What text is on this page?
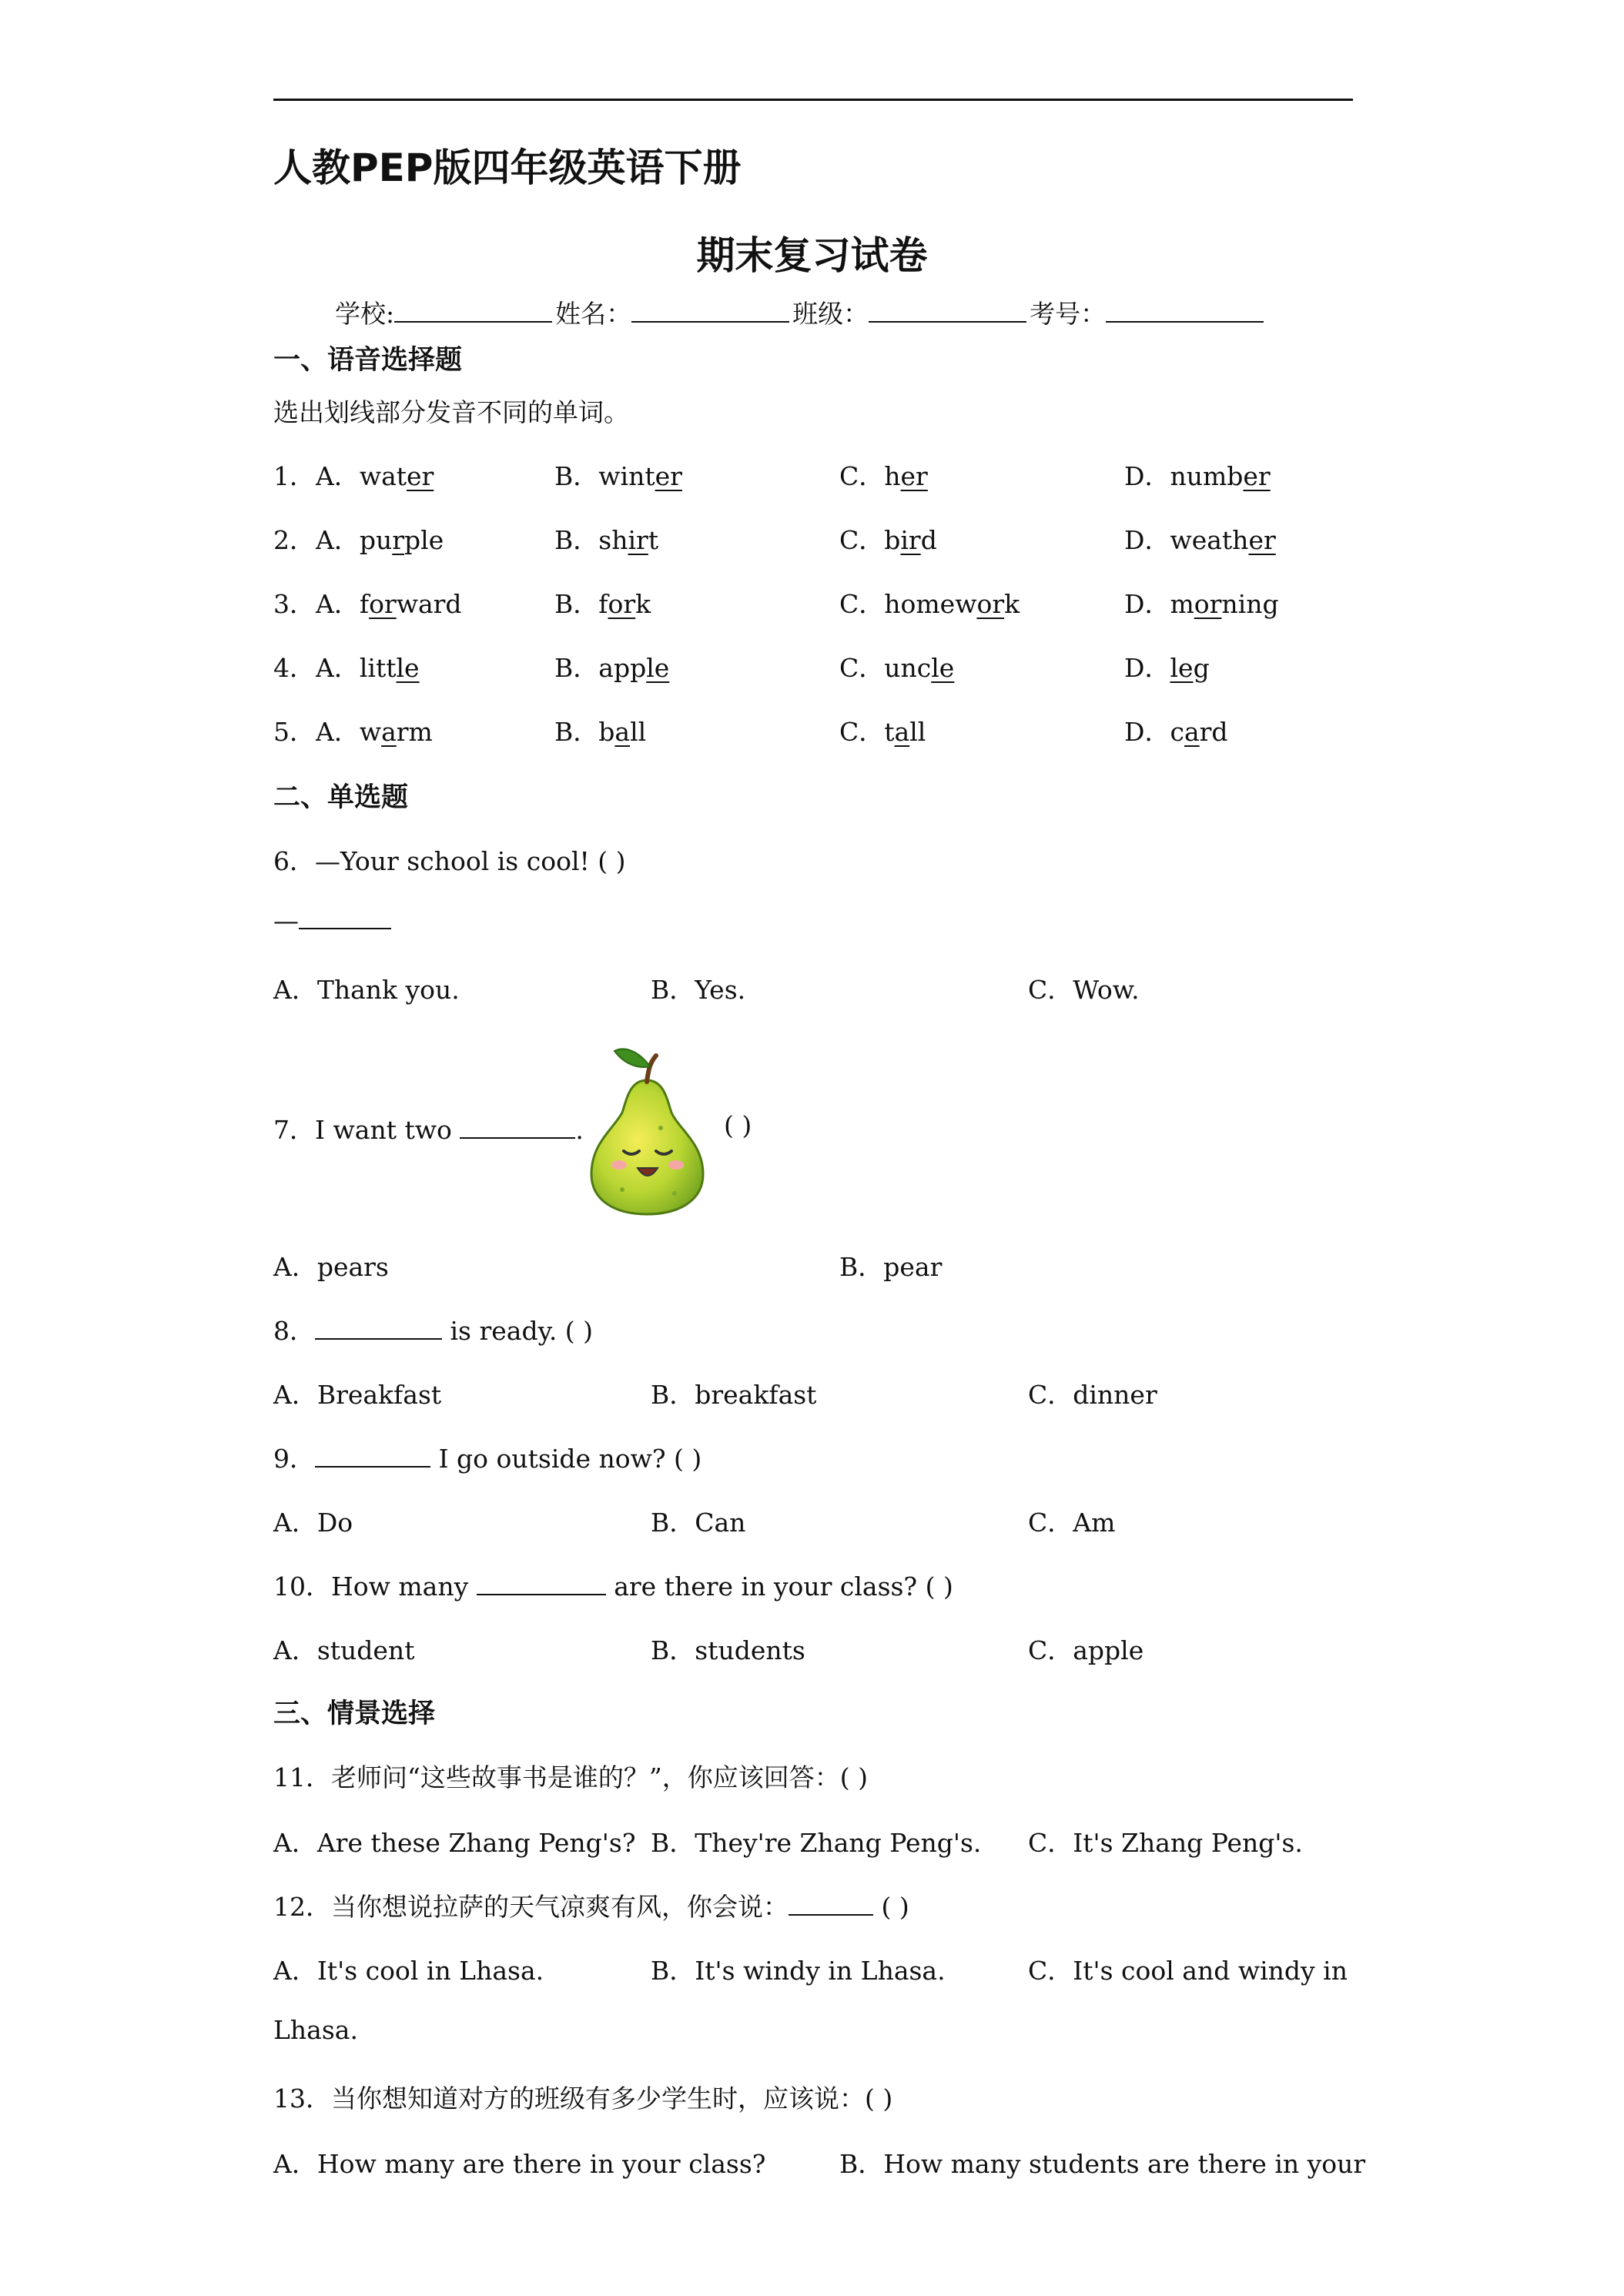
人教PEP版四年级英语下册
期末复习试卷
学校:	姓名：	班级：	考号：
一、语音选择题
选出划线部分发音不同的单词。
1． A．water	B．winter	C．her	D．number
2． A．purple	B．shirt	C．bird	D．weather
3． A．forward	B．fork	C．homework	D．morning
4． A．little	B．apple	C．uncle	D．leg
5． A．warm	B．ball	C．tall	D．card
二、单选题
6．—Your school is cool! ( )
—
A．Thank you.	B．Yes.	C．Wow.
7．I want two	.	( )
A．pears	B．pear
8．	is ready. ( )
A．Breakfast	B．breakfast	C．dinner
9．	I go outside now? ( )
A．Do	B．Can	C．Am
10．How many	are there in your class? ( )
A．student	B．students	C．apple
三、情景选择
11．老师问“这些故事书是谁的？”，你应该回答：( )
A．Are these Zhang Peng's? B．They're Zhang Peng's. C．It's Zhang Peng's.
12．当你想说拉萨的天气凉爽有风，你会说：	( )
A．It's cool in Lhasa.	B．It's windy in Lhasa.	C．It's cool and windy in
Lhasa.
13．当你想知道对方的班级有多少学生时，应该说：( )
A．How many are there in your class?	B．How many students are there in your
